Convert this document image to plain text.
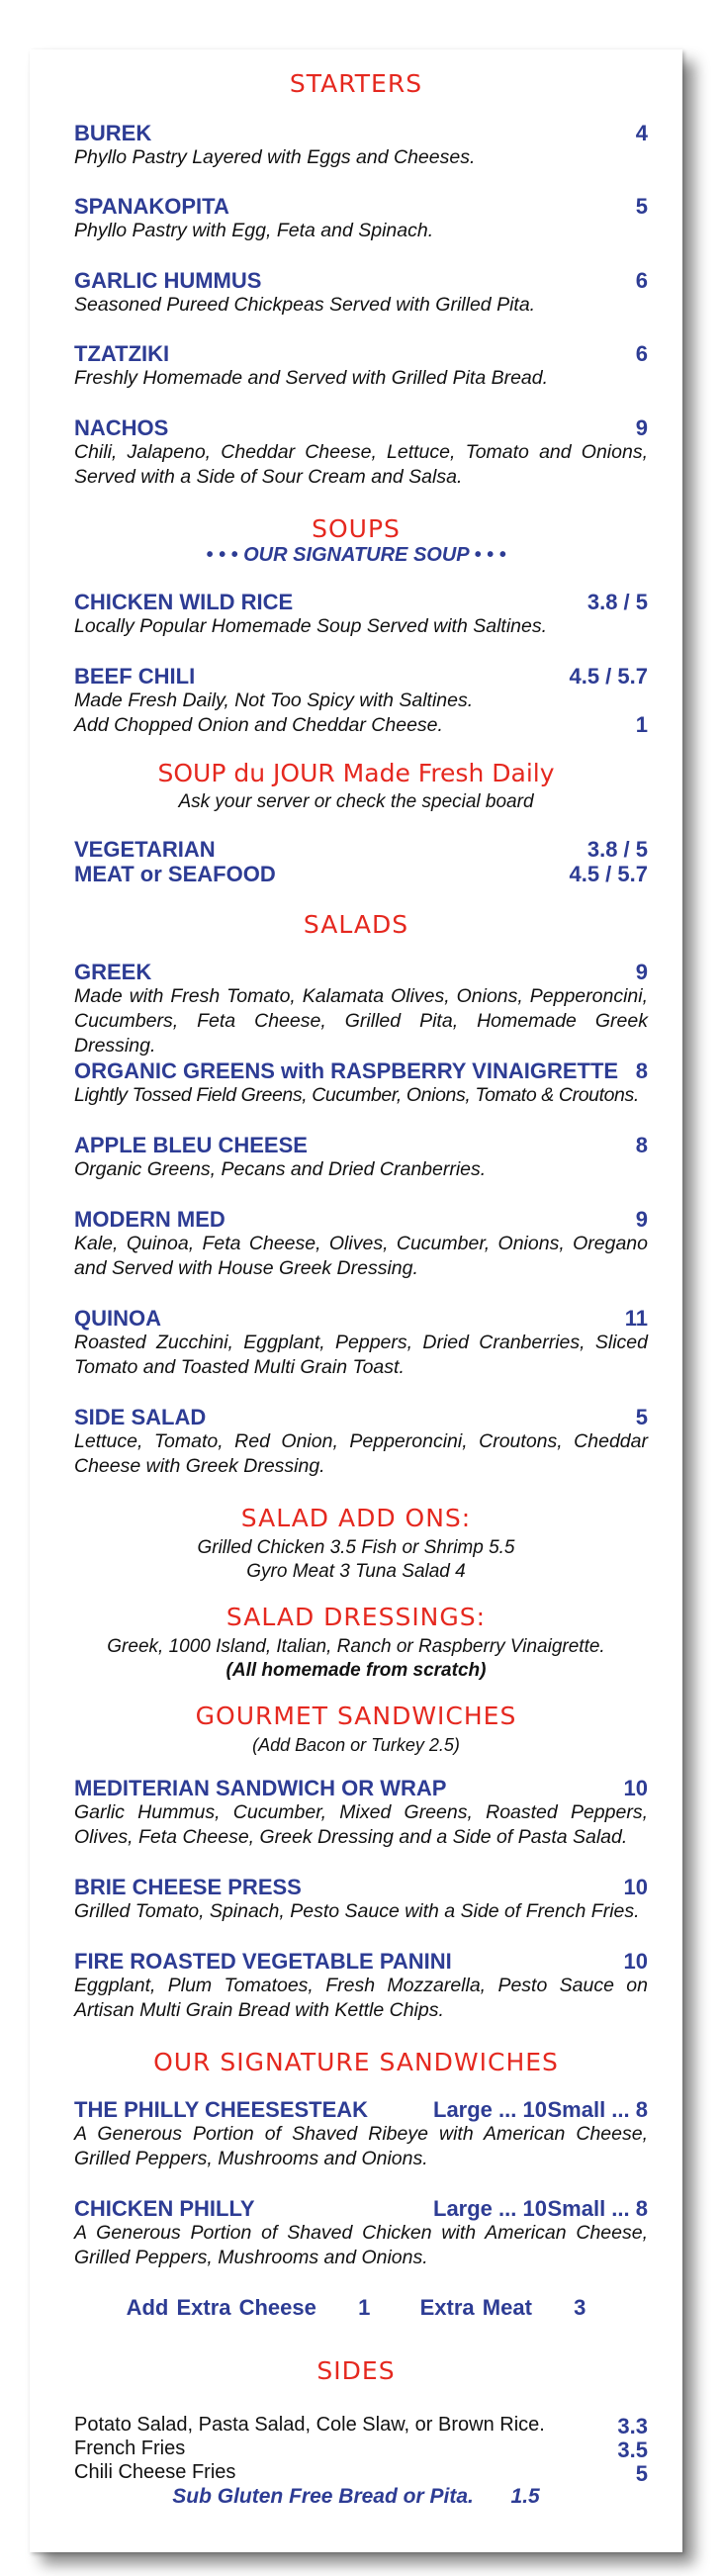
STARTERS
BUREK	4
Phyllo Pastry Layered with Eggs and Cheeses.
SPANAKOPITA	5
Phyllo Pastry with Egg, Feta and Spinach.
GARLIC HUMMUS	6
Seasoned Pureed Chickpeas Served with Grilled Pita.
TZATZIKI	6
Freshly Homemade and Served with Grilled Pita Bread.
NACHOS	9
Chili, Jalapeno, Cheddar Cheese, Lettuce, Tomato and Onions, Served with a Side of Sour Cream and Salsa.
SOUPS
• • • OUR SIGNATURE SOUP • • •
CHICKEN WILD RICE	3.8 / 5
Locally Popular Homemade Soup Served with Saltines.
BEEF CHILI	4.5 / 5.7
Made Fresh Daily, Not Too Spicy with Saltines.
Add Chopped Onion and Cheddar Cheese.	1
SOUP du JOUR Made Fresh Daily
Ask your server or check the special board
VEGETARIAN	3.8 / 5
MEAT or SEAFOOD	4.5 / 5.7
SALADS
GREEK	9
Made with Fresh Tomato, Kalamata Olives, Onions, Pepperoncini, Cucumbers, Feta Cheese, Grilled Pita, Homemade Greek Dressing.
ORGANIC GREENS with RASPBERRY VINAIGRETTE 8
Lightly Tossed Field Greens, Cucumber, Onions, Tomato & Croutons.
APPLE BLEU CHEESE	8
Organic Greens, Pecans and Dried Cranberries.
MODERN MED	9
Kale, Quinoa, Feta Cheese, Olives, Cucumber, Onions, Oregano and Served with House Greek Dressing.
QUINOA	11
Roasted Zucchini, Eggplant, Peppers, Dried Cranberries, Sliced Tomato and Toasted Multi Grain Toast.
SIDE SALAD	5
Lettuce, Tomato, Red Onion, Pepperoncini, Croutons, Cheddar Cheese with Greek Dressing.
SALAD ADD ONS:
Grilled Chicken 3.5 Fish or Shrimp 5.5
Gyro Meat 3 Tuna Salad 4
SALAD DRESSINGS:
Greek, 1000 Island, Italian, Ranch or Raspberry Vinaigrette.
(All homemade from scratch)
GOURMET SANDWICHES
(Add Bacon or Turkey 2.5)
MEDITERIAN SANDWICH OR WRAP	10
Garlic Hummus, Cucumber, Mixed Greens, Roasted Peppers, Olives, Feta Cheese, Greek Dressing and a Side of Pasta Salad.
BRIE CHEESE PRESS	10
Grilled Tomato, Spinach, Pesto Sauce with a Side of French Fries.
FIRE ROASTED VEGETABLE PANINI	10
Eggplant, Plum Tomatoes, Fresh Mozzarella, Pesto Sauce on Artisan Multi Grain Bread with Kettle Chips.
OUR SIGNATURE SANDWICHES
THE PHILLY CHEESESTEAK	Large ... 10 Small ... 8
A Generous Portion of Shaved Ribeye with American Cheese, Grilled Peppers, Mushrooms and Onions.
CHICKEN PHILLY	Large ... 10 Small ... 8
A Generous Portion of Shaved Chicken with American Cheese, Grilled Peppers, Mushrooms and Onions.
Add Extra Cheese 1 Extra Meat 3
SIDES
Potato Salad, Pasta Salad, Cole Slaw, or Brown Rice.	3.3
French Fries	3.5
Chili Cheese Fries	5
Sub Gluten Free Bread or Pita. 1.5
